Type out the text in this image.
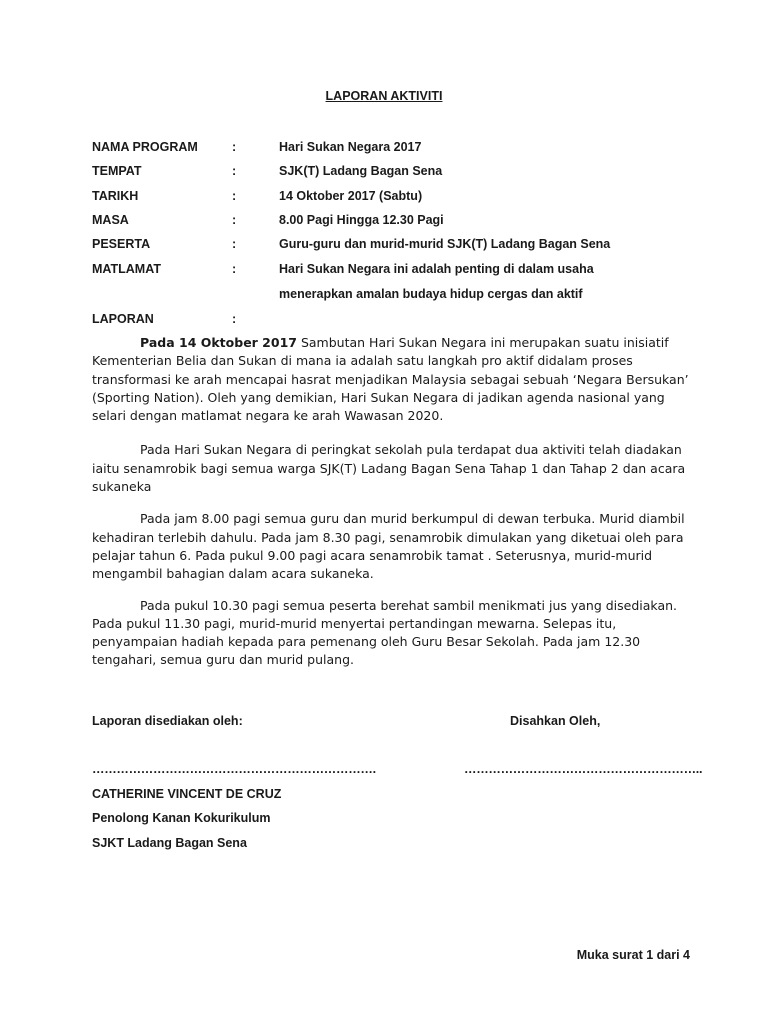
LAPORAN AKTIVITI
NAMA PROGRAM	:	Hari Sukan Negara 2017
TEMPAT	:	SJK(T) Ladang Bagan Sena
TARIKH	:	14 Oktober 2017 (Sabtu)
MASA	:	8.00 Pagi Hingga 12.30 Pagi
PESERTA	:	Guru-guru dan murid-murid SJK(T) Ladang Bagan Sena
MATLAMAT	:	Hari Sukan Negara ini adalah penting di dalam usaha
menerapkan amalan budaya hidup cergas dan aktif
LAPORAN	:

Pada 14 Oktober 2017 Sambutan Hari Sukan Negara ini merupakan suatu inisiatif Kementerian Belia dan Sukan di mana ia adalah satu langkah pro aktif didalam proses transformasi ke arah mencapai hasrat menjadikan Malaysia sebagai sebuah ‘Negara Bersukan’ (Sporting Nation). Oleh yang demikian, Hari Sukan Negara di jadikan agenda nasional yang selari dengan matlamat negara ke arah Wawasan 2020.

Pada Hari Sukan Negara di peringkat sekolah pula terdapat dua aktiviti telah diadakan iaitu senamrobik bagi semua warga SJK(T) Ladang Bagan Sena Tahap 1 dan Tahap 2 dan acara sukaneka

Pada jam 8.00 pagi semua guru dan murid berkumpul di dewan terbuka. Murid diambil kehadiran terlebih dahulu. Pada jam 8.30 pagi, senamrobik dimulakan yang diketuai oleh para pelajar tahun 6. Pada pukul 9.00 pagi acara senamrobik tamat . Seterusnya, murid-murid mengambil bahagian dalam acara sukaneka.

Pada pukul 10.30 pagi semua peserta berehat sambil menikmati jus yang disediakan. Pada pukul 11.30 pagi, murid-murid menyertai pertandingan mewarna. Selepas itu, penyampaian hadiah kepada para pemenang oleh Guru Besar Sekolah. Pada jam 12.30 tengahari, semua guru dan murid pulang.

Laporan disediakan oleh:	Disahkan Oleh,
…………………………………………………………….	…………………………………………………..
CATHERINE VINCENT DE CRUZ
Penolong Kanan Kokurikulum
SJKT Ladang Bagan Sena
Muka surat 1 dari 4
